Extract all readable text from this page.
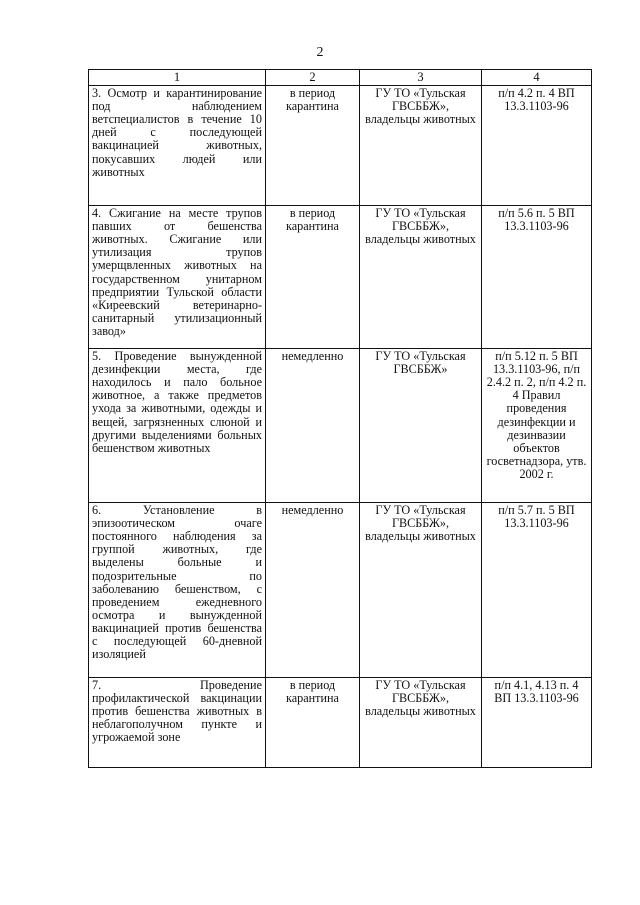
2
1	2	3	4
3. Осмотр и карантинирование под наблюдением ветспециалистов в течение 10 дней с последующей вакцинацией животных, покусавших людей или животных	в период карантина	ГУ ТО «Тульская ГВСББЖ», владельцы животных	п/п 4.2 п. 4 ВП 13.3.1103-96
4. Сжигание на месте трупов павших от бешенства животных. Сжигание или утилизация трупов умерщвленных животных на государственном унитарном предприятии Тульской области «Киреевский ветеринарно-санитарный утилизационный завод»	в период карантина	ГУ ТО «Тульская ГВСББЖ», владельцы животных	п/п 5.6 п. 5 ВП 13.3.1103-96
5. Проведение вынужденной дезинфекции места, где находилось и пало больное животное, а также предметов ухода за животными, одежды и вещей, загрязненных слюной и другими выделениями больных бешенством животных	немедленно	ГУ ТО «Тульская ГВСББЖ»	п/п 5.12 п. 5 ВП 13.3.1103-96, п/п 2.4.2 п. 2, п/п 4.2 п. 4 Правил проведения дезинфекции и дезинвазии объектов госветнадзора, утв. 2002 г.
6. Установление в эпизоотическом очаге постоянного наблюдения за группой животных, где выделены больные и подозрительные по заболеванию бешенством, с проведением ежедневного осмотра и вынужденной вакцинацией против бешенства с последующей 60-дневной изоляцией	немедленно	ГУ ТО «Тульская ГВСББЖ», владельцы животных	п/п 5.7 п. 5 ВП 13.3.1103-96
7. Проведение профилактической вакцинации против бешенства животных в неблагополучном пункте и угрожаемой зоне	в период карантина	ГУ ТО «Тульская ГВСББЖ», владельцы животных	п/п 4.1, 4.13 п. 4 ВП 13.3.1103-96
